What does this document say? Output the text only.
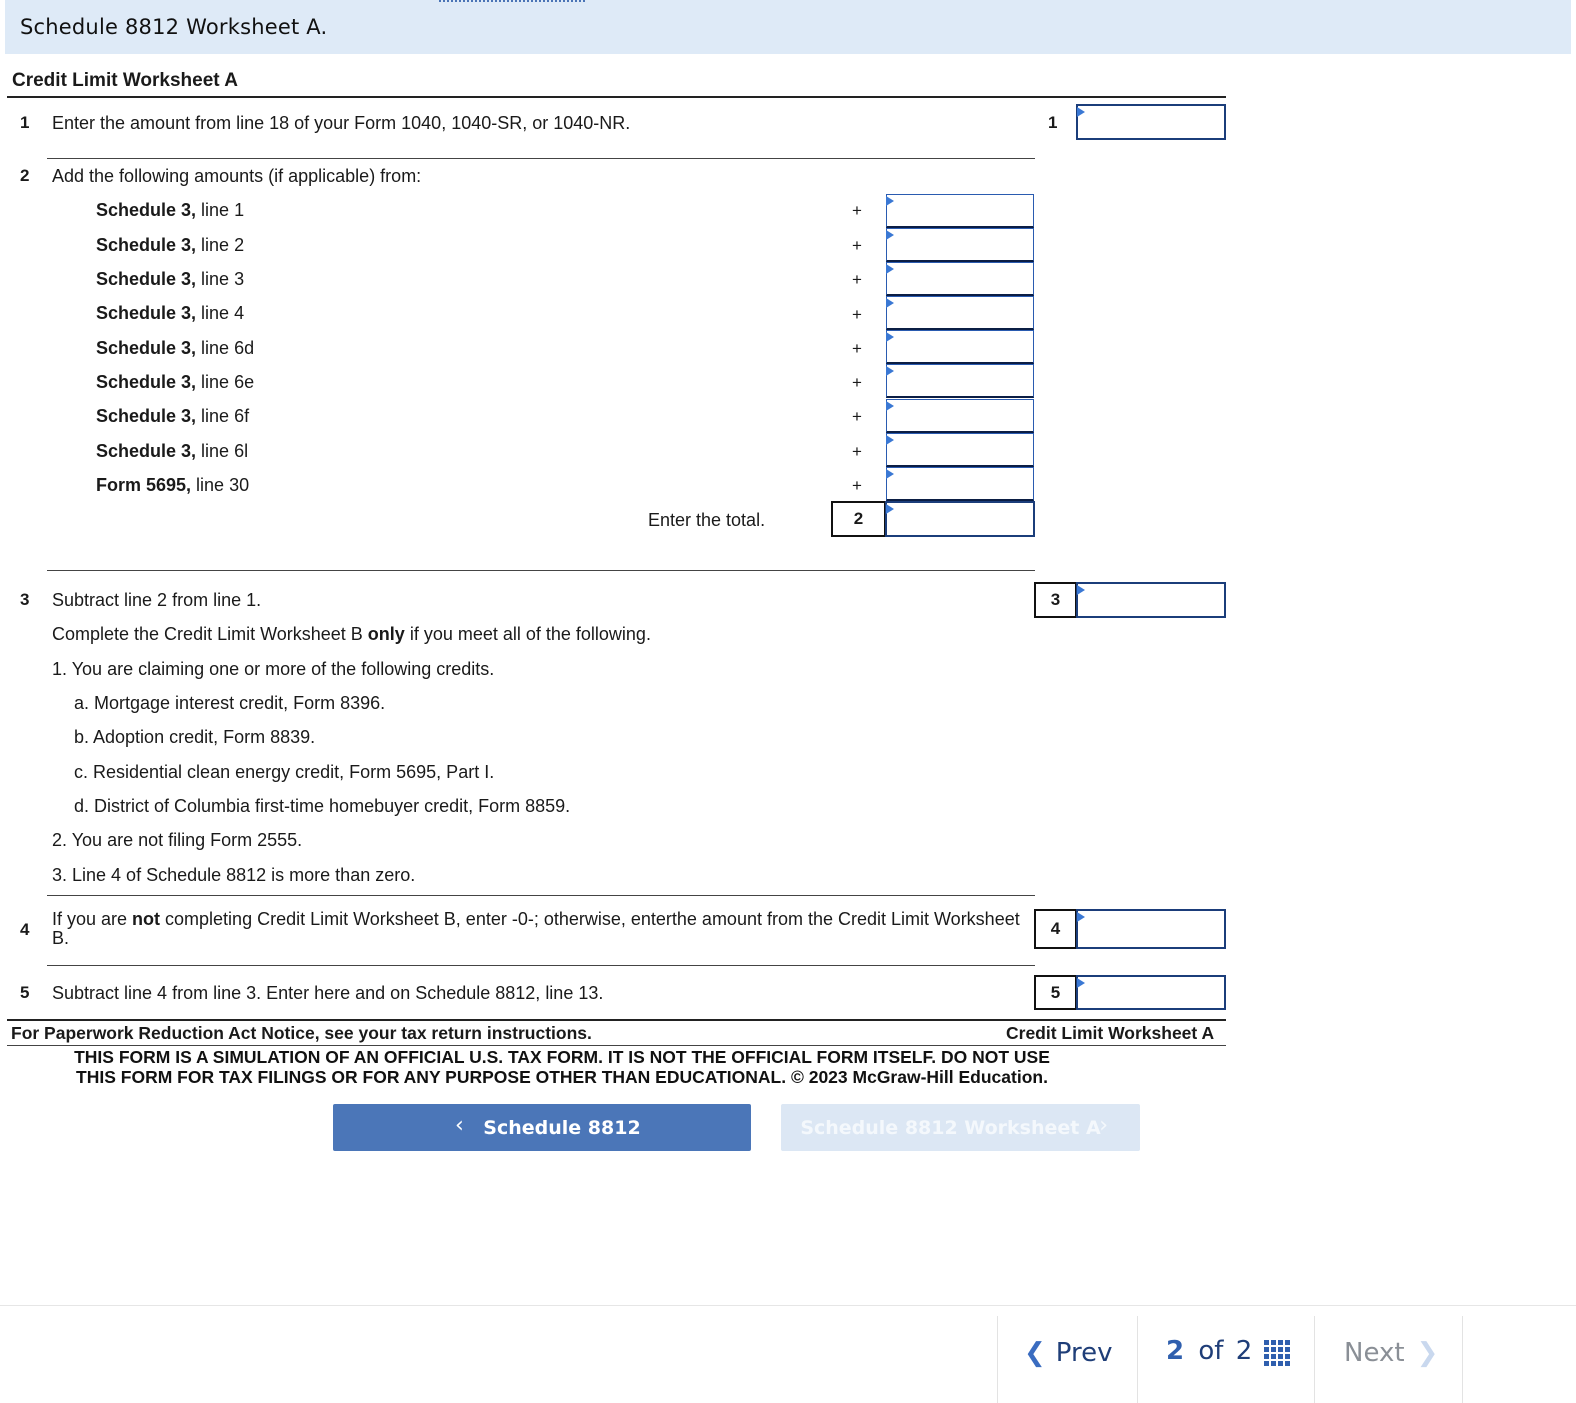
Schedule 8812 Worksheet A.
Credit Limit Worksheet A
1 Enter the amount from line 18 of your Form 1040, 1040-SR, or 1040-NR.	1
2 Add the following amounts (if applicable) from:
Schedule 3, line 1	+
Schedule 3, line 2	+
Schedule 3, line 3	+
Schedule 3, line 4	+
Schedule 3, line 6d	+
Schedule 3, line 6e	+
Schedule 3, line 6f	+
Schedule 3, line 6l	+
Form 5695, line 30	+
Enter the total.	2
3 Subtract line 2 from line 1.	3
Complete the Credit Limit Worksheet B only if you meet all of the following.
1. You are claiming one or more of the following credits.
a. Mortgage interest credit, Form 8396.
b. Adoption credit, Form 8839.
c. Residential clean energy credit, Form 5695, Part I.
d. District of Columbia first-time homebuyer credit, Form 8859.
2. You are not filing Form 2555.
3. Line 4 of Schedule 8812 is more than zero.
4
If you are not completing Credit Limit Worksheet B, enter -0-; otherwise, enterthe amount from the Credit Limit Worksheet
B.	4
5 Subtract line 4 from line 3. Enter here and on Schedule 8812, line 13.	5
For Paperwork Reduction Act Notice, see your tax return instructions.	Credit Limit Worksheet A
THIS FORM IS A SIMULATION OF AN OFFICIAL U.S. TAX FORM. IT IS NOT THE OFFICIAL FORM ITSELF. DO NOT USE
THIS FORM FOR TAX FILINGS OR FOR ANY PURPOSE OTHER THAN EDUCATIONAL. © 2023 McGraw-Hill Education.
‹ Schedule 8812	Schedule 8812 Worksheet A
›
❮ Prev 2 of 2	Next ❯
